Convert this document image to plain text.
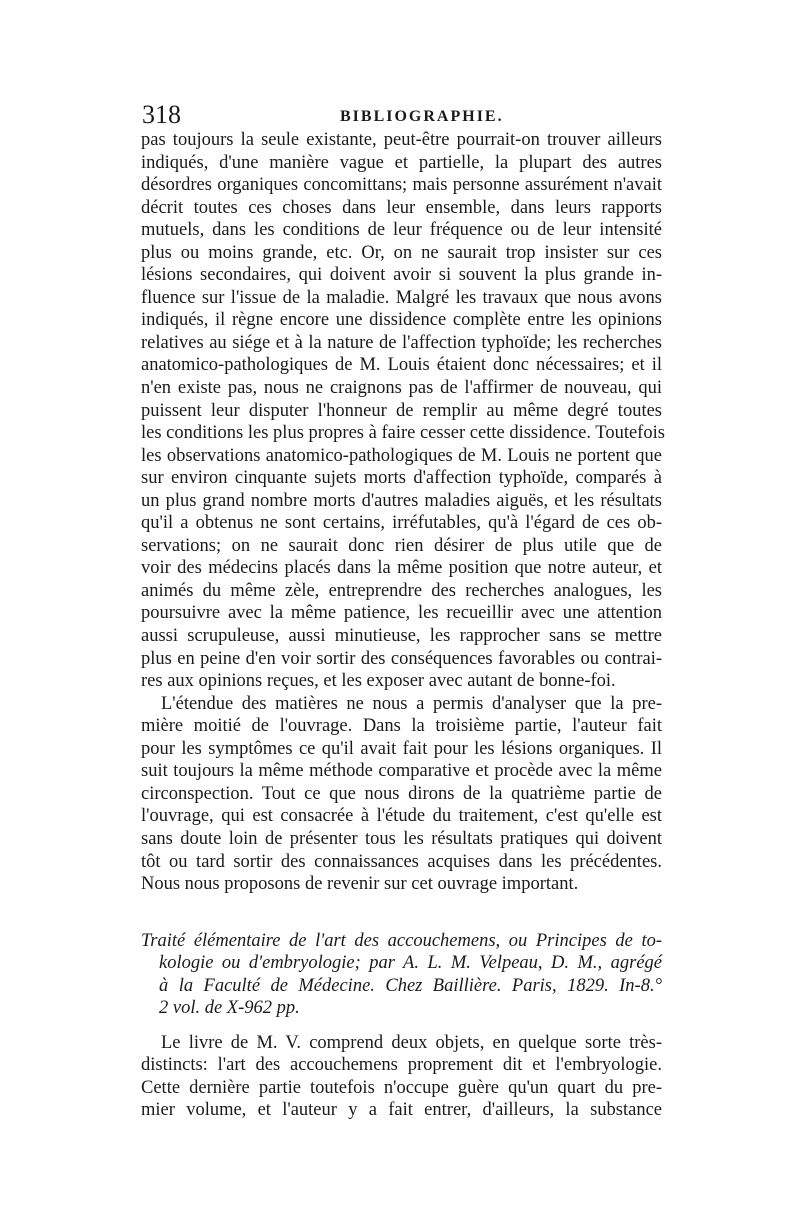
318	BIBLIOGRAPHIE.
pas toujours la seule existante, peut-être pourrait-on trouver ailleurs
indiqués, d'une manière vague et partielle, la plupart des autres
désordres organiques concomittans; mais personne assurément n'avait
décrit toutes ces choses dans leur ensemble, dans leurs rapports
mutuels, dans les conditions de leur fréquence ou de leur intensité
plus ou moins grande, etc. Or, on ne saurait trop insister sur ces
lésions secondaires, qui doivent avoir si souvent la plus grande in-
fluence sur l'issue de la maladie. Malgré les travaux que nous avons
indiqués, il règne encore une dissidence complète entre les opinions
relatives au siége et à la nature de l'affection typhoïde; les recherches
anatomico-pathologiques de M. Louis étaient donc nécessaires; et il
n'en existe pas, nous ne craignons pas de l'affirmer de nouveau, qui
puissent leur disputer l'honneur de remplir au même degré toutes
les conditions les plus propres à faire cesser cette dissidence. Toutefois
les observations anatomico-pathologiques de M. Louis ne portent que
sur environ cinquante sujets morts d'affection typhoïde, comparés à
un plus grand nombre morts d'autres maladies aiguës, et les résultats
qu'il a obtenus ne sont certains, irréfutables, qu'à l'égard de ces ob-
servations; on ne saurait donc rien désirer de plus utile que de
voir des médecins placés dans la même position que notre auteur, et
animés du même zèle, entreprendre des recherches analogues, les
poursuivre avec la même patience, les recueillir avec une attention
aussi scrupuleuse, aussi minutieuse, les rapprocher sans se mettre
plus en peine d'en voir sortir des conséquences favorables ou contrai-
res aux opinions reçues, et les exposer avec autant de bonne-foi.
L'étendue des matières ne nous a permis d'analyser que la pre-
mière moitié de l'ouvrage. Dans la troisième partie, l'auteur fait
pour les symptômes ce qu'il avait fait pour les lésions organiques. Il
suit toujours la même méthode comparative et procède avec la même
circonspection. Tout ce que nous dirons de la quatrième partie de
l'ouvrage, qui est consacrée à l'étude du traitement, c'est qu'elle est
sans doute loin de présenter tous les résultats pratiques qui doivent
tôt ou tard sortir des connaissances acquises dans les précédentes.
Nous nous proposons de revenir sur cet ouvrage important.
Traité élémentaire de l'art des accouchemens, ou Principes de to-
kologie ou d'embryologie; par A. L. M. Velpeau, D. M., agrégé
à la Faculté de Médecine. Chez Baillière. Paris, 1829. In-8.°
2 vol. de X-962 pp.
Le livre de M. V. comprend deux objets, en quelque sorte très-
distincts: l'art des accouchemens proprement dit et l'embryologie.
Cette dernière partie toutefois n'occupe guère qu'un quart du pre-
mier volume, et l'auteur y a fait entrer, d'ailleurs, la substance
